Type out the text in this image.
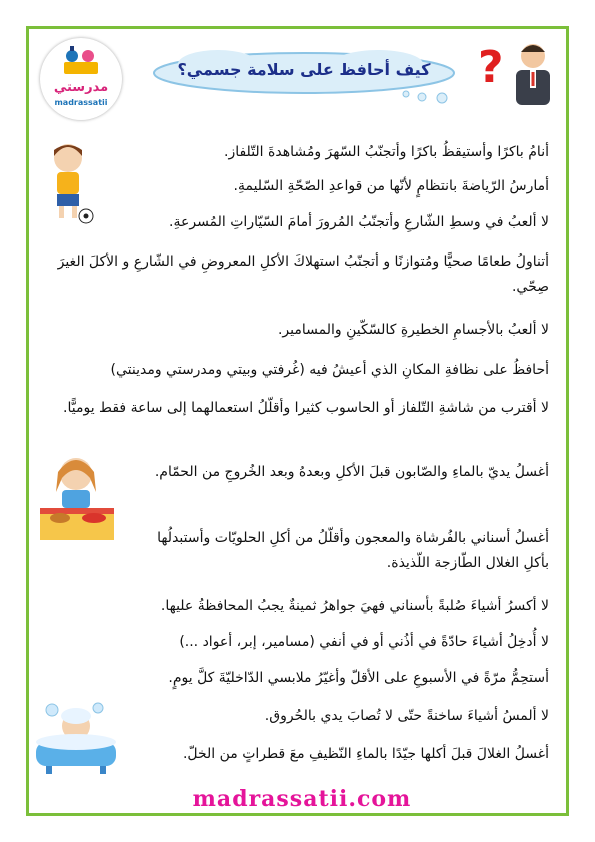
مدرستي
madrassatii
كيف أحافظ على سلامة جسمي؟	?
أنامُ باكرًا وأستيقظُ باكرًا وأتجنّبُ السّهرَ ومُشاهدةَ التّلفاز.
أمارسُ الرّياضةَ بانتظامٍ لأنّها من قواعدِ الصّحّةِ السّليمةِ.
لا ألعبُ في وسطِ الشّارعِ وأتجنّبُ المُرورَ أمامَ السّيّاراتِ المُسرعةِ.
أتناولُ طعامًا صحيًّا ومُتوازنًا و أتجنّبُ استهلاكَ الأكلِ المعروضِ في الشّارعِ و الأكلَ الغيرَ صِحّي.
لا ألعبُ بالأجسامِ الخطيرةِ كالسّكّينِ والمسامير.
أحافظُ على نظافةِ المكانِ الذي أعيشُ فيه (غُرفتي وبيتي ومدرستي ومدينتي)
لا أقترب من شاشةِ التّلفاز أو الحاسوب كثيرا وأقلّلُ استعمالهما إلى ساعة فقط يوميًّا.
أغسلُ يديّ بالماءِ والصّابون قبلَ الأكلِ وبعدهُ وبعد الخُروجِ من الحمّام.
أغسلُ أسناني بالفُرشاة والمعجون وأقلّلُ من أكلِ الحلويّات وأستبدلُها بأكلِ الغلال الطّازجة اللّذيذة.
لا أكسرُ أشياءَ صُلبةً بأسناني فهيَ جواهرُ ثمينةٌ يجبُ المحافظةُ عليها.
لا أُدخِلُ أشياءَ حادّةً في أذُني أو في أنفي (مسامير، إبر، أعواد ...)
أستحِمُّ مرّةً في الأسبوعِ على الأقلّ وأغيّرُ ملابسي الدّاخليّةَ كلَّ يومٍ.
لا ألمسُ أشياءَ ساخنةً حتّى لا تُصابَ يدي بالحُروق.
أغسلُ الغلالَ قبلَ أكلها جيّدًا بالماءِ النّظيفِ معَ قطراتٍ من الخلّ.
madrassatii.com
